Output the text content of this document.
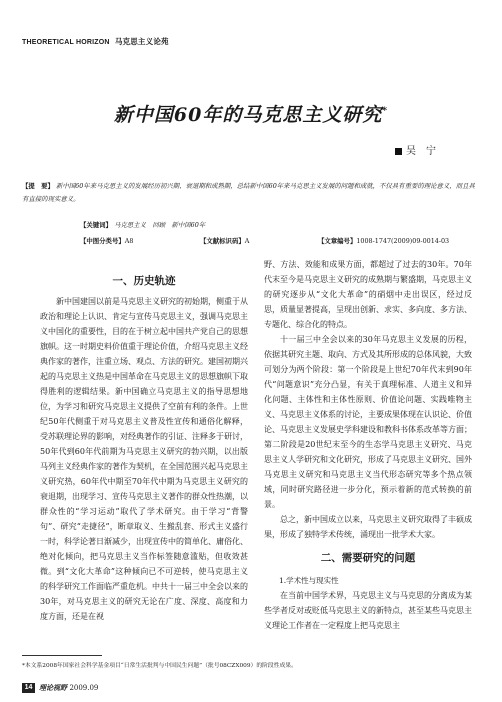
THEORETICAL HORIZON 马克思主义论苑
新中国60年的马克思主义研究*
吴　宁
【提　要】 新中国60年来马克思主义的发展经历初兴期、衰退期和成熟期，总结新中国60年来马克思主义发展的问题和成就，不仅具有重要的理论意义，而且具有直接的现实意义。
【关键词】 马克思主义　回顾　新中国60年
【中图分类号】A8	【文献标识码】A	【文章编号】1008-1747(2009)09-0014-03
一、历史轨迹

新中国建国以前是马克思主义研究的初始期，侧重于从政治和理论上认识、肯定与宣传马克思主义，强调马克思主义中国化的重要性，目的在于树立起中国共产党自己的思想旗帜。这一时期史料价值重于理论价值，介绍马克思主义经典作家的著作，注重立场、观点、方法的研究。建国初期兴起的马克思主义热是中国革命在马克思主义的思想旗帜下取得胜利的逻辑结果。新中国确立马克思主义的指导思想地位，为学习和研究马克思主义提供了空前有利的条件。上世纪50年代侧重于对马克思主义普及性宣传和通俗化解释，受苏联理论界的影响，对经典著作的引证、注释多于研讨，50年代到60年代前期为马克思主义研究的勃兴期，以出版马列主义经典作家的著作为契机，在全国范围兴起马克思主义研究热，60年代中期至70年代中期为马克思主义研究的衰退期，出现学习、宣传马克思主义著作的群众性热潮，以群众性的“学习运动”取代了学术研究。由于学习“背警句”、研究“走捷径”，断章取义、生搬乱套、形式主义盛行一时，科学论著日渐减少，出现宣传中的简单化、庸俗化、绝对化倾向，把马克思主义当作标签随意滥贴，但收效甚微。到“文化大革命”这种倾向已不可逆转，使马克思主义的科学研究工作面临严重危机。中共十一届三中全会以来的30年，对马克思主义的研究无论在广度、深度、高度和力度方面，还是在视

野、方法、效能和成果方面，都超过了过去的30年。70年代末至今是马克思主义研究的成熟期与繁盛期，马克思主义的研究逐步从“文化大革命”的硝烟中走出误区，经过反思，质量显著提高，呈现出创新、求实、多向度、多方法、专题化、综合化的特点。

十一届三中全会以来的30年马克思主义发展的历程，依据其研究主题、取向、方式及其所形成的总体风貌，大致可划分为两个阶段：第一个阶段是上世纪70年代末到90年代“问题意识”充分凸显，有关于真理标准、人道主义和异化问题、主体性和主体性原则、价值论问题、实践唯物主义、马克思主义体系的讨论，主要成果体现在认识论、价值论、马克思主义发展史学科建设和教科书体系改革等方面；第二阶段是20世纪末至今的生态学马克思主义研究、马克思主义人学研究和文化研究，形成了马克思主义研究、国外马克思主义研究和马克思主义当代形态研究等多个热点领域，同时研究路径进一步分化，预示着新的范式转换的前景。

总之，新中国成立以来，马克思主义研究取得了丰硕成果，形成了独特学术传统，涌现出一批学术大家。

二、需要研究的问题

1.学术性与现实性

在当前中国学术界，马克思主义与马克思的分离成为某些学者反对或贬低马克思主义的新特点，甚至某些马克思主义理论工作者在一定程度上把马克思主

*本文系2008年国家社会科学基金项目“日常生活批判与中国民生问题”（批号08CZX009）的阶段性成果。
14 理论视野 2009.09
